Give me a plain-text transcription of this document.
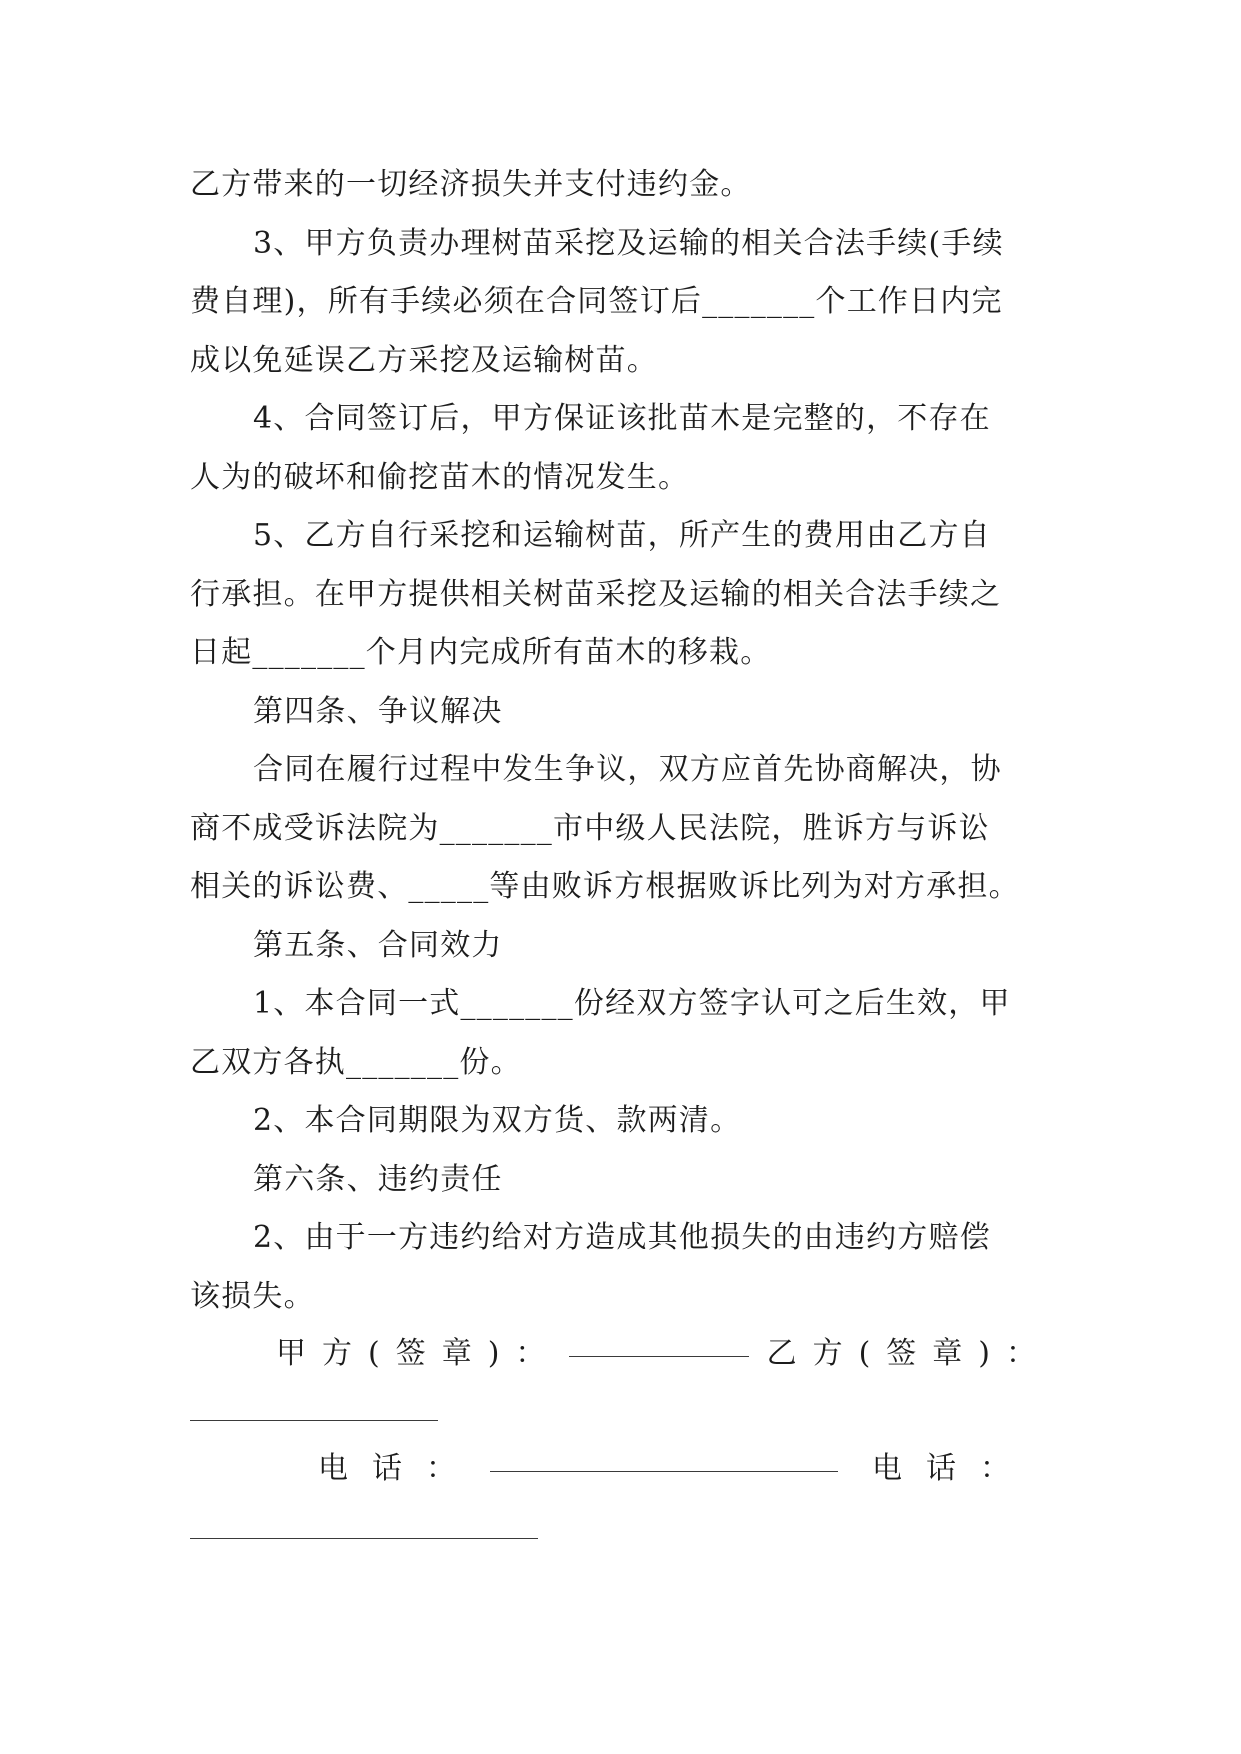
乙方带来的一切经济损失并支付违约金。
3、甲方负责办理树苗采挖及运输的相关合法手续(手续
费自理)，所有手续必须在合同签订后_______个工作日内完
成以免延误乙方采挖及运输树苗。
4、合同签订后，甲方保证该批苗木是完整的，不存在
人为的破坏和偷挖苗木的情况发生。
5、乙方自行采挖和运输树苗，所产生的费用由乙方自
行承担。在甲方提供相关树苗采挖及运输的相关合法手续之
日起_______个月内完成所有苗木的移栽。
第四条、争议解决
合同在履行过程中发生争议，双方应首先协商解决，协
商不成受诉法院为_______市中级人民法院，胜诉方与诉讼
相关的诉讼费、_____等由败诉方根据败诉比列为对方承担。
第五条、合同效力
1、本合同一式_______份经双方签字认可之后生效，甲
乙双方各执_______份。
2、本合同期限为双方货、款两清。
第六条、违约责任
2、由于一方违约给对方造成其他损失的由违约方赔偿
该损失。
甲方(签章)：	乙方(签章)：
电话：	电话：
